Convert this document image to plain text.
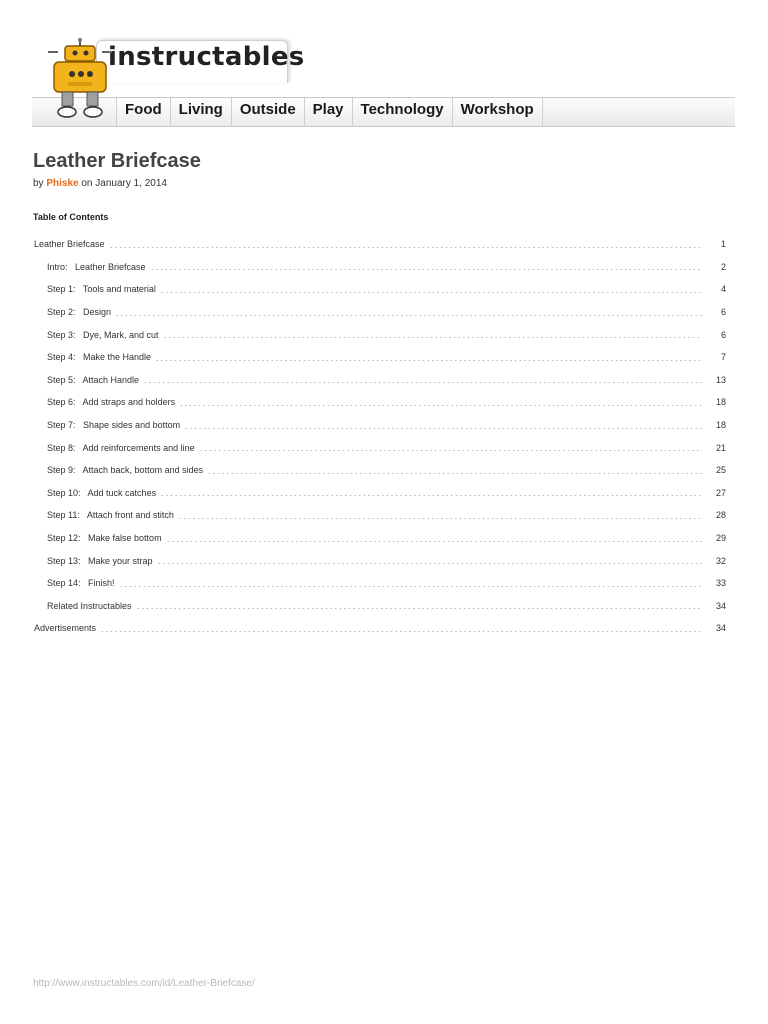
Food	Living	Outside	Play	Technology	Workshop
instructables
Leather Briefcase
by Phiske on January 1, 2014
Table of Contents
Leather Briefcase	1
Intro:   Leather Briefcase	2
Step 1:   Tools and material	4
Step 2:   Design	6
Step 3:   Dye, Mark, and cut	6
Step 4:   Make the Handle	7
Step 5:   Attach Handle	13
Step 6:   Add straps and holders	18
Step 7:   Shape sides and bottom	18
Step 8:   Add reinforcements and line	21
Step 9:   Attach back, bottom and sides	25
Step 10:   Add tuck catches	27
Step 11:   Attach front and stitch	28
Step 12:   Make false bottom	29
Step 13:   Make your strap	32
Step 14:   Finish!	33
Related Instructables	34
Advertisements	34
http://www.instructables.com/id/Leather-Briefcase/
